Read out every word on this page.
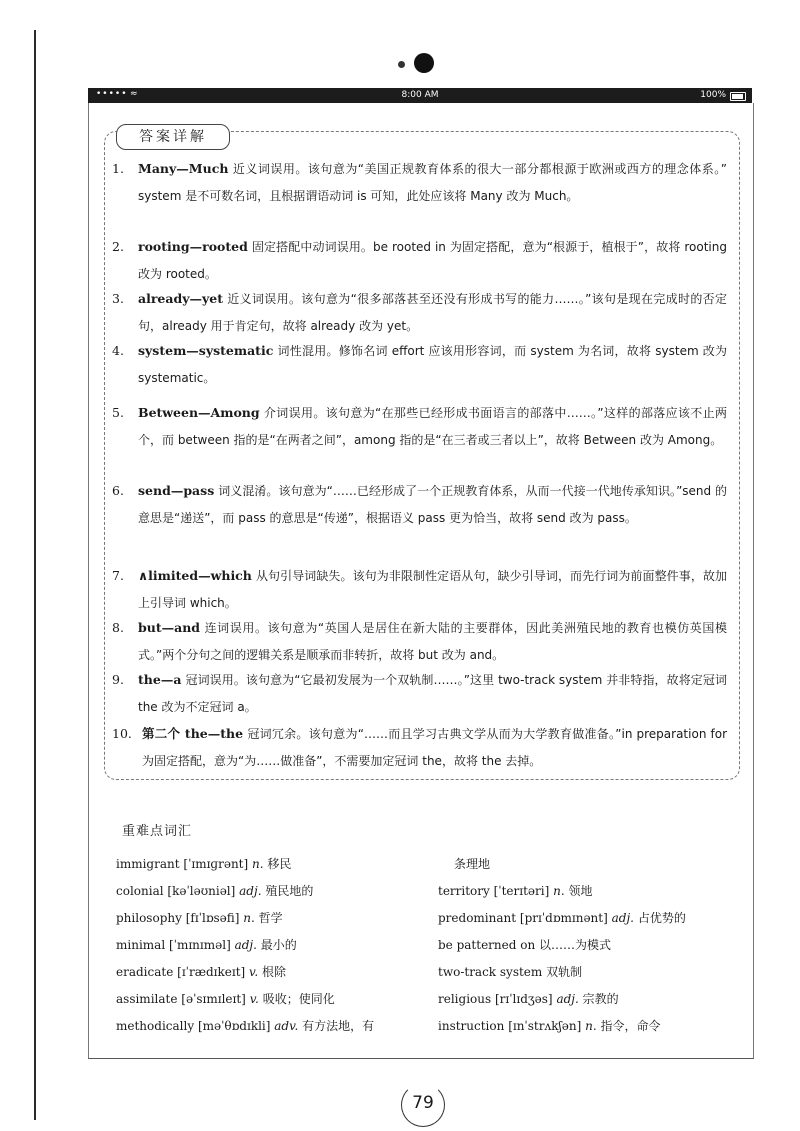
••••• ≈	8:00 AM	100%
答案详解
1.	Many—Much 近义词误用。该句意为“美国正规教育体系的很大一部分都根源于欧洲或西方的理念体系。” system 是不可数名词，且根据谓语动词 is 可知，此处应该将 Many 改为 Much。
2.	rooting—rooted 固定搭配中动词误用。be rooted in 为固定搭配，意为“根源于，植根于”，故将 rooting 改为 rooted。
3.	already—yet 近义词误用。该句意为“很多部落甚至还没有形成书写的能力……。”该句是现在完成时的否定句，already 用于肯定句，故将 already 改为 yet。
4.	system—systematic 词性混用。修饰名词 effort 应该用形容词，而 system 为名词，故将 system 改为 systematic。
5.	Between—Among 介词误用。该句意为“在那些已经形成书面语言的部落中……。”这样的部落应该不止两个，而 between 指的是“在两者之间”，among 指的是“在三者或三者以上”，故将 Between 改为 Among。
6.	send—pass 词义混淆。该句意为“……已经形成了一个正规教育体系，从而一代接一代地传承知识。”send 的意思是“递送”，而 pass 的意思是“传递”，根据语义 pass 更为恰当，故将 send 改为 pass。
7.	∧limited—which 从句引导词缺失。该句为非限制性定语从句，缺少引导词，而先行词为前面整件事，故加上引导词 which。
8.	but—and 连词误用。该句意为“英国人是居住在新大陆的主要群体，因此美洲殖民地的教育也模仿英国模式。”两个分句之间的逻辑关系是顺承而非转折，故将 but 改为 and。
9.	the—a 冠词误用。该句意为“它最初发展为一个双轨制……。”这里 two-track system 并非特指，故将定冠词 the 改为不定冠词 a。
10. 第二个 the—the 冠词冗余。该句意为“……而且学习古典文学从而为大学教育做准备。”in preparation for 为固定搭配，意为“为……做准备”，不需要加定冠词 the，故将 the 去掉。
重难点词汇
immigrant [ˈɪmɪɡrənt] n. 移民
colonial [kəˈləʊniəl] adj. 殖民地的
philosophy [fɪˈlɒsəfi] n. 哲学
minimal [ˈmɪnɪməl] adj. 最小的
eradicate [ɪˈrædɪkeɪt] v. 根除
assimilate [əˈsɪmɪleɪt] v. 吸收；使同化
methodically [məˈθɒdɪkli] adv. 有方法地，有
条理地
territory [ˈterɪtəri] n. 领地
predominant [prɪˈdɒmɪnənt] adj. 占优势的
be patterned on 以……为模式
two-track system 双轨制
religious [rɪˈlɪdʒəs] adj. 宗教的
instruction [ɪnˈstrʌkʃən] n. 指令，命令
79
